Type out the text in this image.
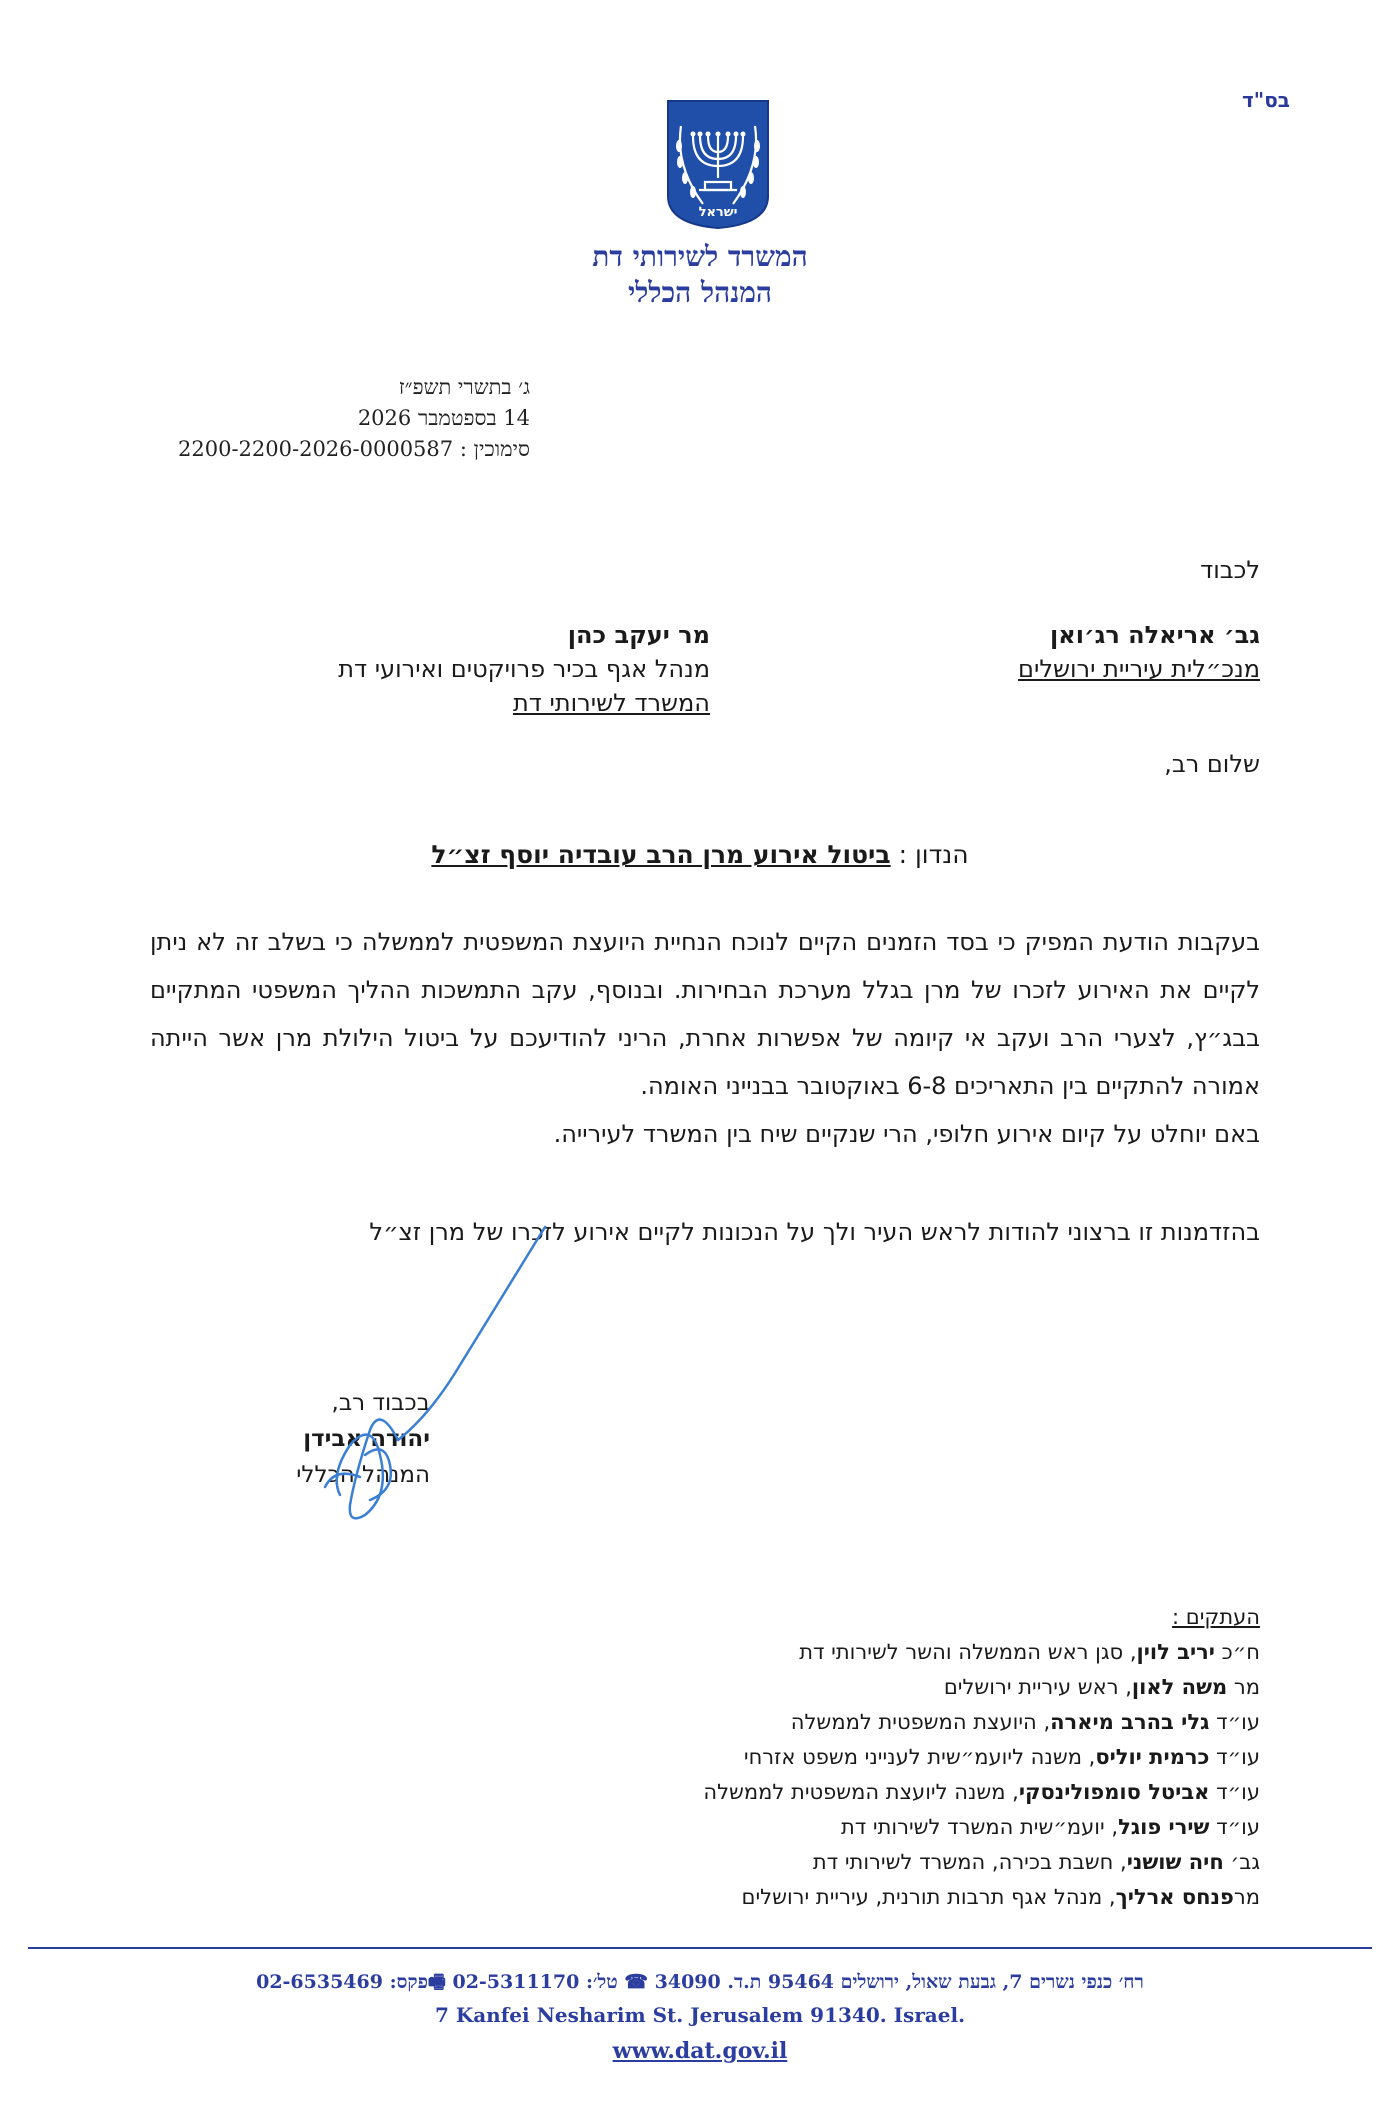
בס"ד
ישראל
המשרד לשירותי דת
המנהל הכללי
ג׳ בתשרי תשפ״ז
14 בספטמבר 2026
סימוכין : 2200-2200-2026-0000587
לכבוד
גב׳ אריאלה רג׳ואן
מנכ״לית עיריית ירושלים
מר יעקב כהן
מנהל אגף בכיר פרויקטים ואירועי דת
המשרד לשירותי דת
שלום רב,
הנדון : ביטול אירוע מרן הרב עובדיה יוסף זצ״ל

בעקבות הודעת המפיק כי בסד הזמנים הקיים לנוכח הנחיית היועצת המשפטית לממשלה כי בשלב זה לא ניתן לקיים את האירוע לזכרו של מרן בגלל מערכת הבחירות. ובנוסף, עקב התמשכות ההליך המשפטי המתקיים בבג״ץ, לצערי הרב ועקב אי קיומה של אפשרות אחרת, הריני להודיעכם על ביטול הילולת מרן אשר הייתה אמורה להתקיים בין התאריכים 6-8 באוקטובר בבנייני האומה.

באם יוחלט על קיום אירוע חלופי, הרי שנקיים שיח בין המשרד לעירייה.

בהזדמנות זו ברצוני להודות לראש העיר ולך על הנכונות לקיים אירוע לזכרו של מרן זצ״ל
בכבוד רב,
יהודה אבידן
המנהל הכללי
העתקים :
ח״כ יריב לוין, סגן ראש הממשלה והשר לשירותי דת
מר משה לאון, ראש עיריית ירושלים
עו״ד גלי בהרב מיארה, היועצת המשפטית לממשלה
עו״ד כרמית יוליס, משנה ליועמ״שית לענייני משפט אזרחי
עו״ד אביטל סומפולינסקי, משנה ליועצת המשפטית לממשלה
עו״ד שירי פוגל, יועמ״שית המשרד לשירותי דת
גב׳ חיה שושני, חשבת בכירה, המשרד לשירותי דת
מרפנחס ארליך, מנהל אגף תרבות תורנית, עיריית ירושלים
רח׳ כנפי נשרים 7, גבעת שאול, ירושלים 95464 ת.ד. 34090 ☎ טל׳: 02-5311170 🖷פקס: 02-6535469
7 Kanfei Nesharim St. Jerusalem 91340. Israel.
www.dat.gov.il
